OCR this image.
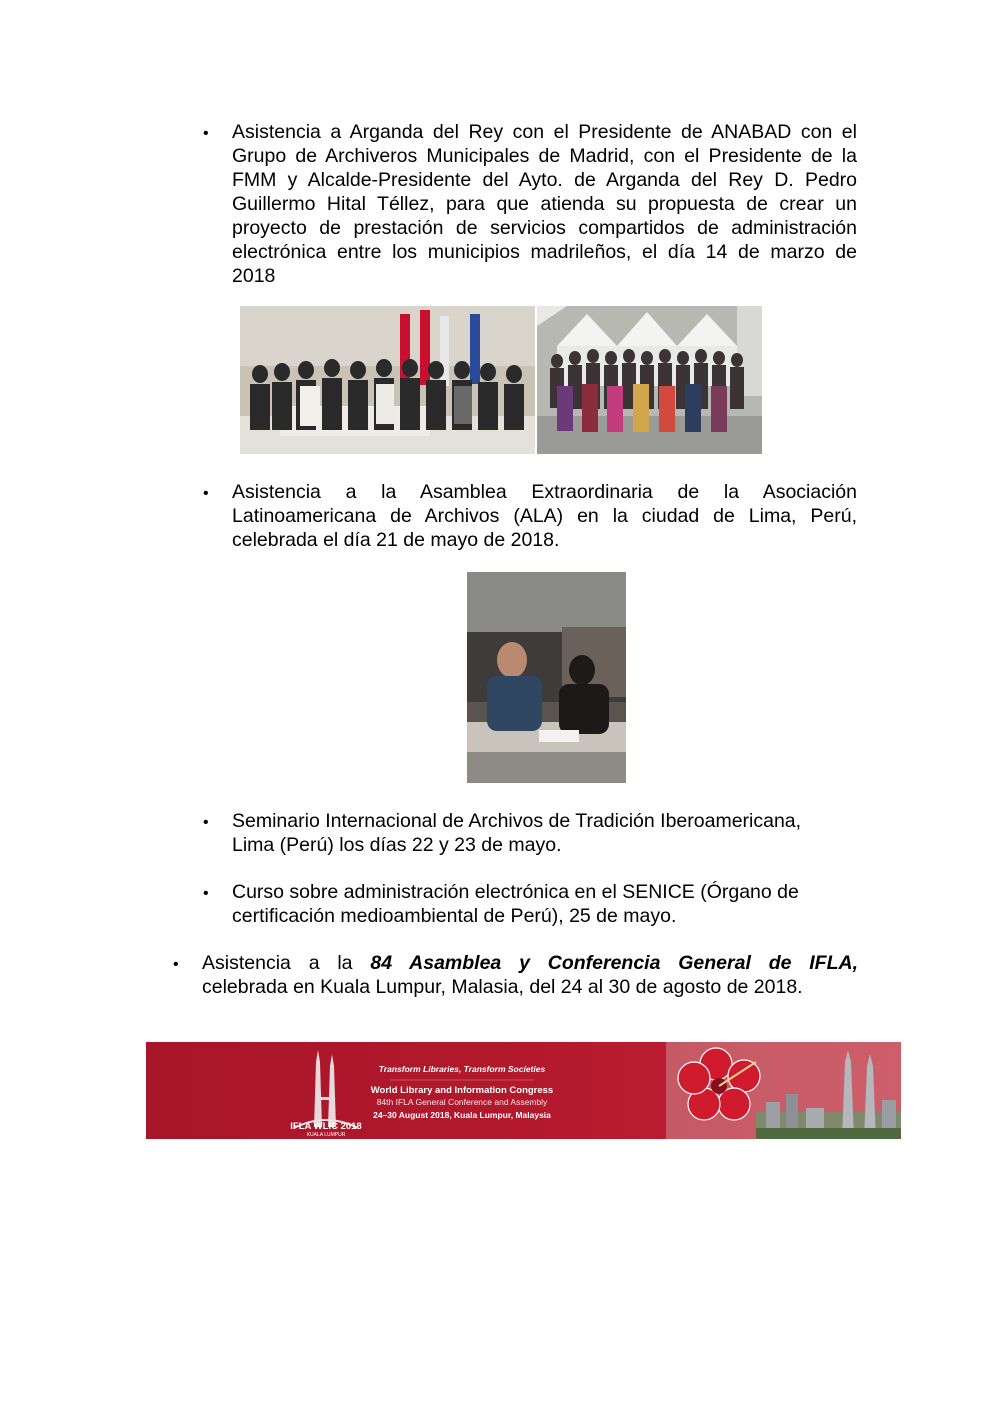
• Asistencia a Arganda del Rey con el Presidente de ANABAD con el
Grupo de Archiveros Municipales de Madrid, con el Presidente de la
FMM y Alcalde-Presidente del Ayto. de Arganda del Rey D. Pedro
Guillermo Hital Téllez, para que atienda su propuesta de crear un
proyecto de prestación de servicios compartidos de administración
electrónica entre los municipios madrileños, el día 14 de marzo de
2018
• Asistencia a la Asamblea Extraordinaria de la Asociación
Latinoamericana de Archivos (ALA) en la ciudad de Lima, Perú,
celebrada el día 21 de mayo de 2018.
• Seminario Internacional de Archivos de Tradición Iberoamericana,
Lima (Perú) los días 22 y 23 de mayo.
• Curso sobre administración electrónica en el SENICE (Órgano de
certificación medioambiental de Perú), 25 de mayo.
• Asistencia a la 84 Asamblea y Conferencia General de IFLA,
celebrada en Kuala Lumpur, Malasia, del 24 al 30 de agosto de 2018.
IFLA WLIC 2018
KUALA LUMPUR
Transform Libraries, Transform Societies
World Library and Information Congress
84th IFLA General Conference and Assembly
24–30 August 2018, Kuala Lumpur, Malaysia
